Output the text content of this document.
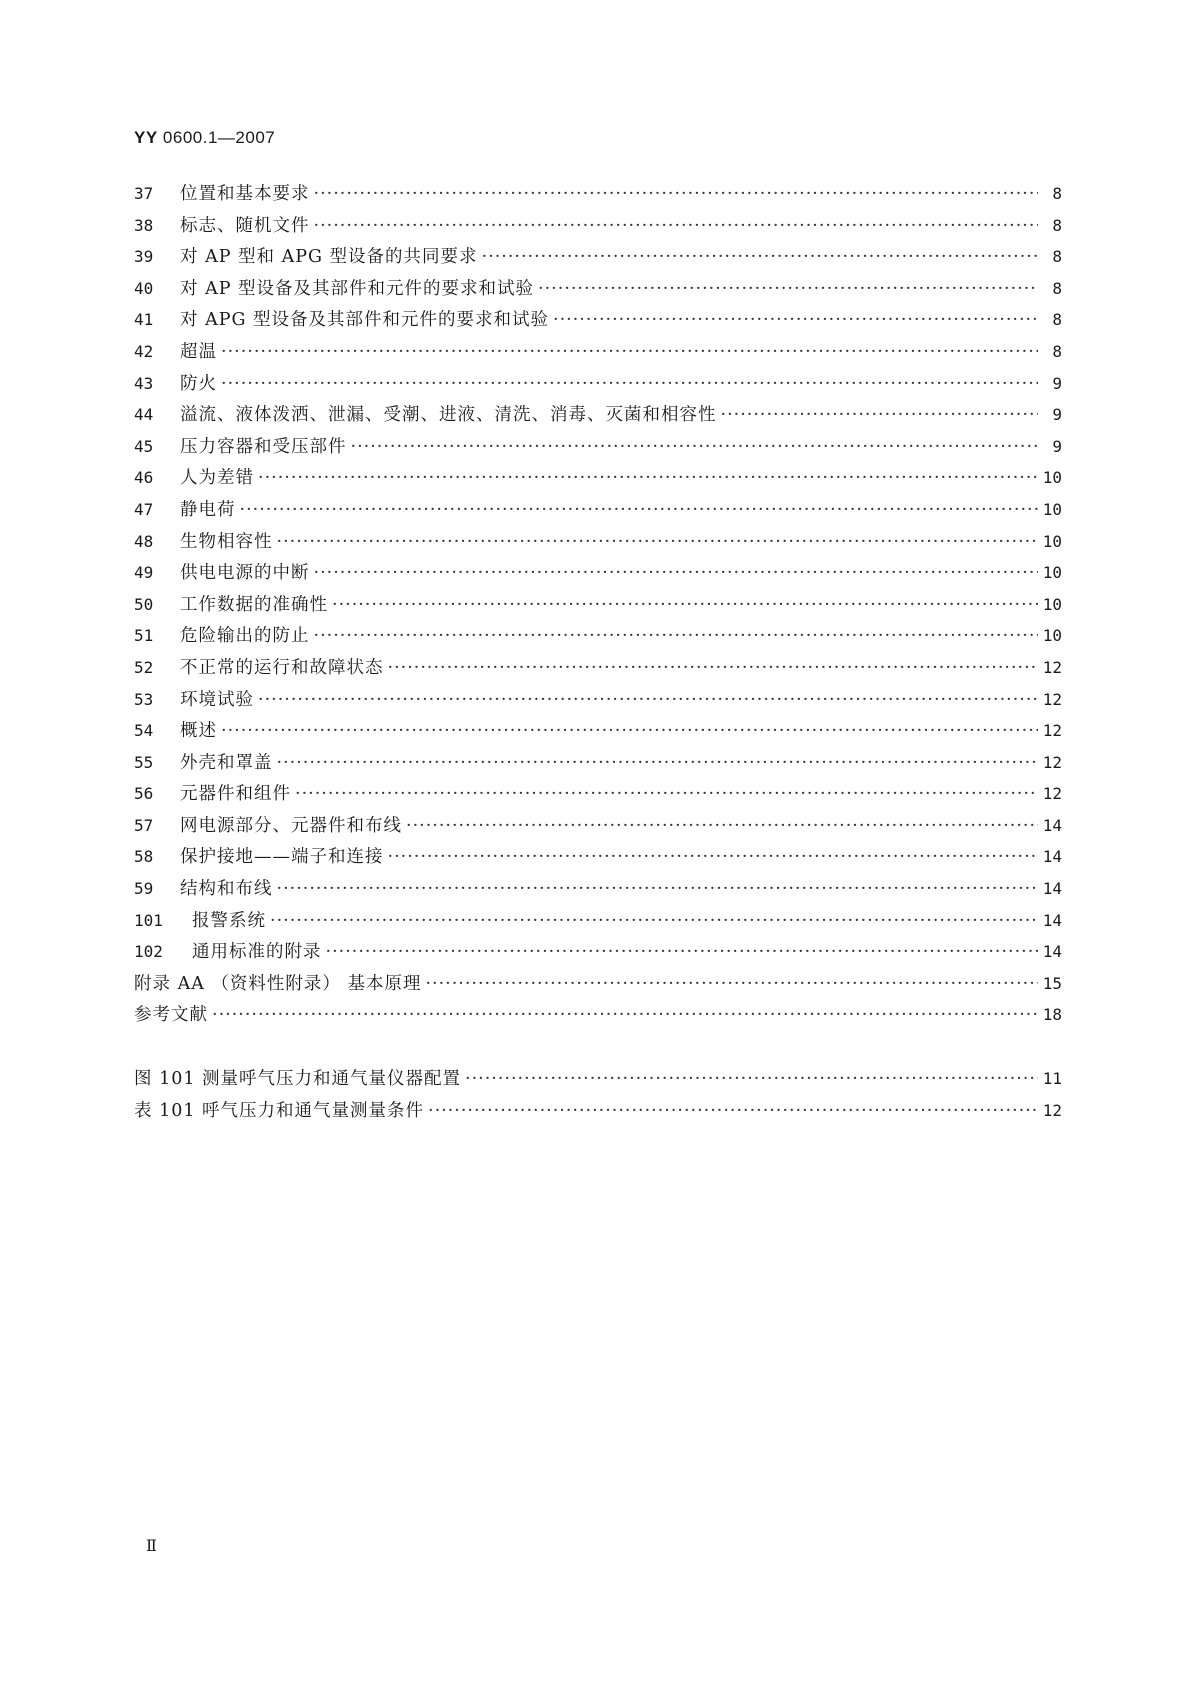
YY 0600.1—2007
37	位置和基本要求 ·····	8
38	标志、随机文件 ·····	8
39	对 AP 型和 APG 型设备的共同要求 ·····	8
40	对 AP 型设备及其部件和元件的要求和试验 ·····	8
41	对 APG 型设备及其部件和元件的要求和试验 ·····	8
42	超温 ·····	8
43	防火 ·····	9
44	溢流、液体泼洒、泄漏、受潮、进液、清洗、消毒、灭菌和相容性 ·····	9
45	压力容器和受压部件 ·····	9
46	人为差错 ·····	10
47	静电荷 ·····	10
48	生物相容性 ·····	10
49	供电电源的中断 ·····	10
50	工作数据的准确性 ·····	10
51	危险输出的防止 ·····	10
52	不正常的运行和故障状态 ·····	12
53	环境试验 ·····	12
54	概述 ·····	12
55	外壳和罩盖 ·····	12
56	元器件和组件 ·····	12
57	网电源部分、元器件和布线 ·····	14
58	保护接地——端子和连接 ·····	14
59	结构和布线 ·····	14
101	报警系统 ·····	14
102	通用标准的附录 ·····	14
附录 AA （资料性附录） 基本原理 ·····	15
参考文献 ·····	18
图 101 测量呼气压力和通气量仪器配置 ·····	11
表 101 呼气压力和通气量测量条件 ·····	12
Ⅱ
